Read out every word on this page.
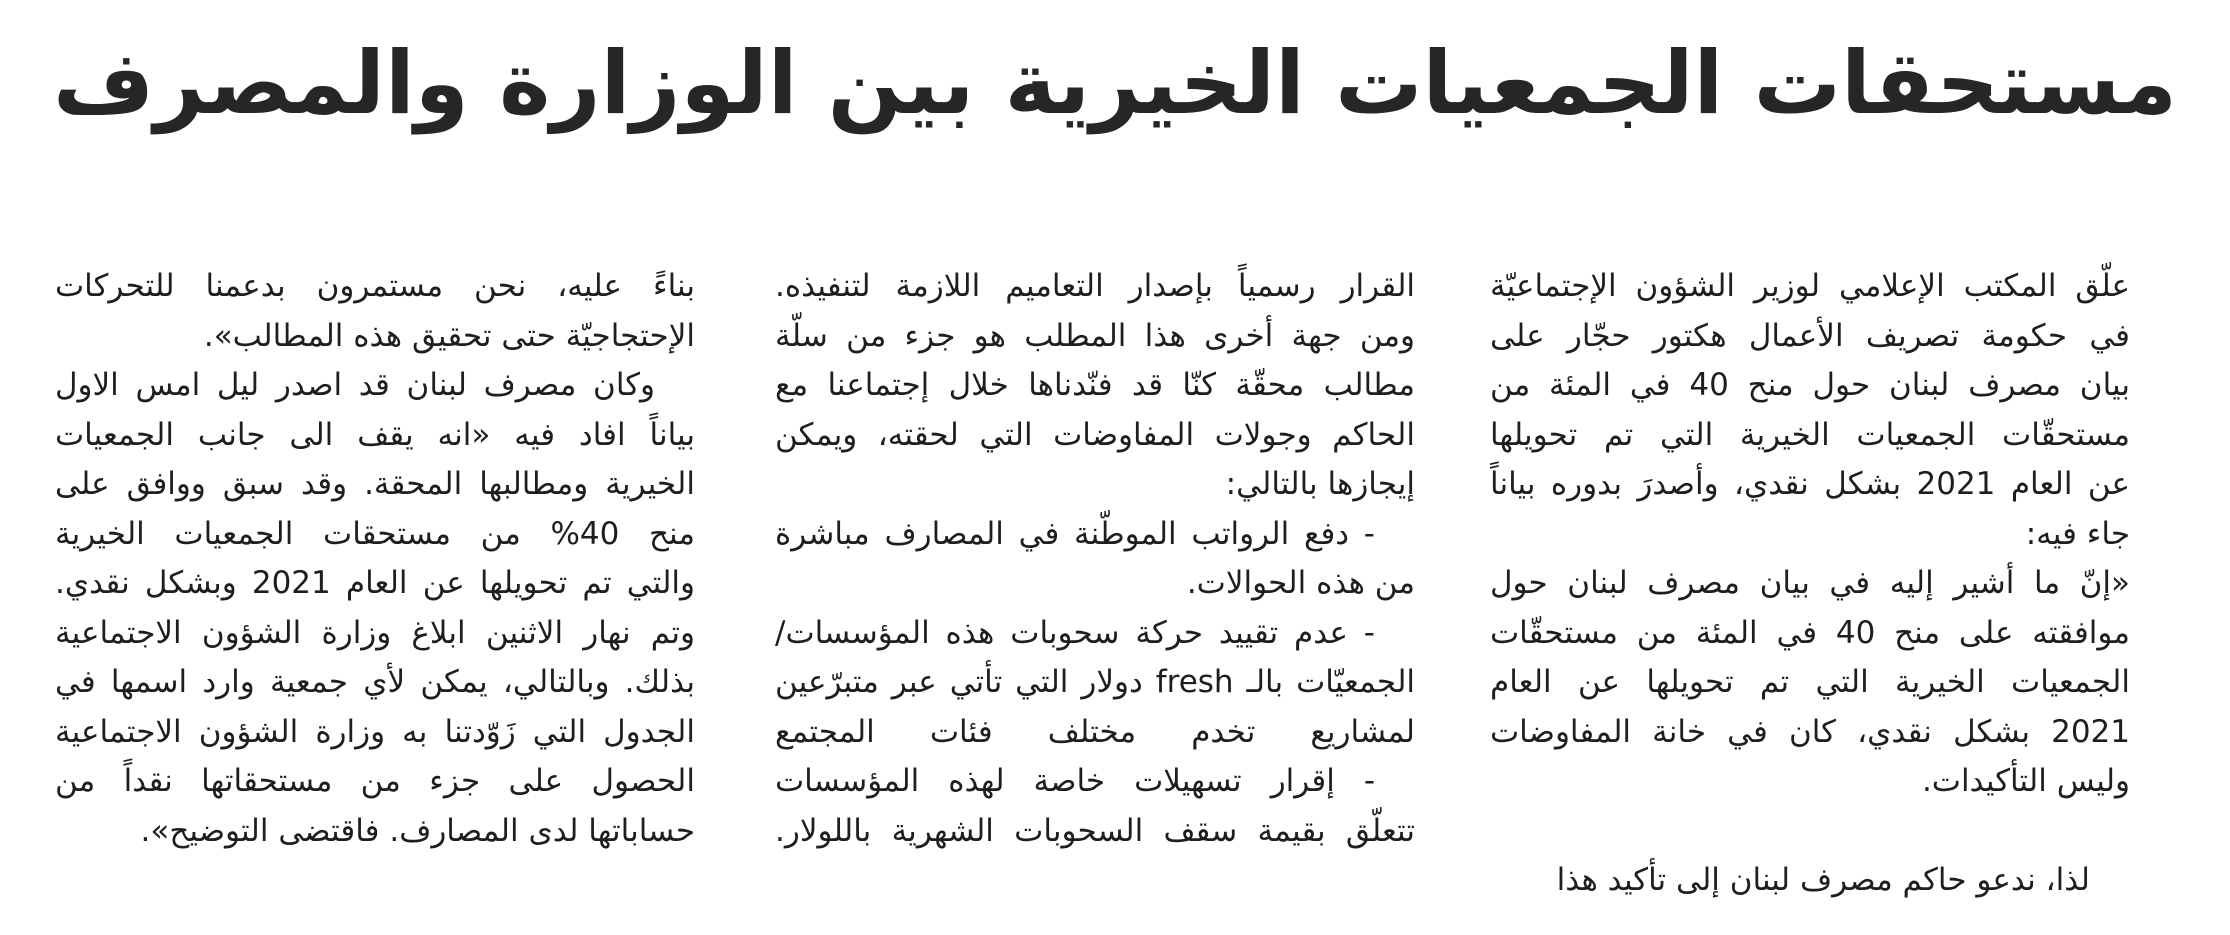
مستحقات الجمعيات الخيرية بين الوزارة والمصرف
علّق المكتب الإعلامي لوزير الشؤون الإجتماعيّة
في حكومة تصريف الأعمال هكتور حجّار على
بيان مصرف لبنان حول منح 40 في المئة من
مستحقّات الجمعيات الخيرية التي تم تحويلها
عن العام 2021 بشكل نقدي، وأصدرَ بدوره بياناً
جاء فيه:
«إنّ ما أشير إليه في بيان مصرف لبنان حول
موافقته على منح 40 في المئة من مستحقّات
الجمعيات الخيرية التي تم تحويلها عن العام
2021 بشكل نقدي، كان في خانة المفاوضات
وليس التأكيدات.
لذا، ندعو حاكم مصرف لبنان إلى تأكيد هذا
القرار رسمياً بإصدار التعاميم اللازمة لتنفيذه.
ومن جهة أخرى هذا المطلب هو جزء من سلّة
مطالب محقّة كنّا قد فنّدناها خلال إجتماعنا مع
الحاكم وجولات المفاوضات التي لحقته، ويمكن
إيجازها بالتالي:
- دفع الرواتب الموطّنة في المصارف مباشرة
من هذه الحوالات.
- عدم تقييد حركة سحوبات هذه المؤسسات/
الجمعيّات بالـ fresh دولار التي تأتي عبر متبرّعين
لمشاريع تخدم مختلف فئات المجتمع
- إقرار تسهيلات خاصة لهذه المؤسسات
تتعلّق بقيمة سقف السحوبات الشهرية باللولار.
بناءً عليه، نحن مستمرون بدعمنا للتحركات
الإحتجاجيّة حتى تحقيق هذه المطالب».
وكان مصرف لبنان قد اصدر ليل امس الاول
بياناً افاد فيه «انه يقف الى جانب الجمعيات
الخيرية ومطالبها المحقة. وقد سبق ووافق على
منح 40% من مستحقات الجمعيات الخيرية
والتي تم تحويلها عن العام 2021 وبشكل نقدي.
وتم نهار الاثنين ابلاغ وزارة الشؤون الاجتماعية
بذلك. وبالتالي، يمكن لأي جمعية وارد اسمها في
الجدول التي زَوّدتنا به وزارة الشؤون الاجتماعية
الحصول على جزء من مستحقاتها نقداً من
حساباتها لدى المصارف. فاقتضى التوضيح».
